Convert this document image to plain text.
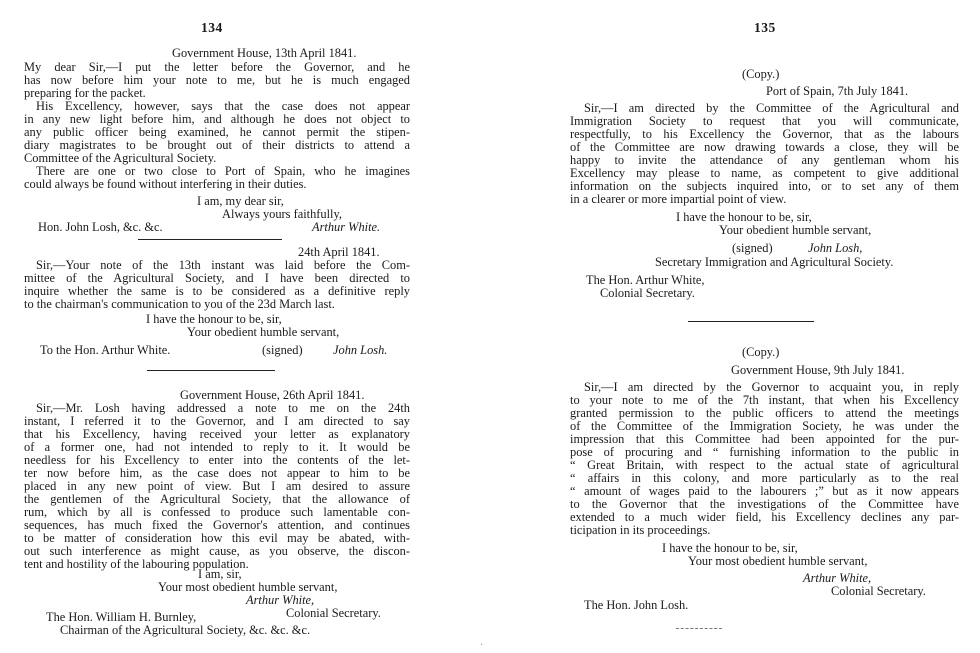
134
Government House, 13th April 1841.
My dear Sir,—I put the letter before the Governor, and he
has now before him your note to me, but he is much engaged
preparing for the packet.
His Excellency, however, says that the case does not appear
in any new light before him, and although he does not object to
any public officer being examined, he cannot permit the stipen-
diary magistrates to be brought out of their districts to attend a
Committee of the Agricultural Society.
There are one or two close to Port of Spain, who he imagines
could always be found without interfering in their duties.
I am, my dear sir,
Always yours faithfully,
Hon. John Losh, &c. &c.	Arthur White.
24th April 1841.
Sir,—Your note of the 13th instant was laid before the Com-
mittee of the Agricultural Society, and I have been directed to
inquire whether the same is to be considered as a definitive reply
to the chairman's communication to you of the 23d March last.
I have the honour to be, sir,
Your obedient humble servant,
To the Hon. Arthur White.	(signed) John Losh.
Government House, 26th April 1841.
Sir,—Mr. Losh having addressed a note to me on the 24th
instant, I referred it to the Governor, and I am directed to say
that his Excellency, having received your letter as explanatory
of a former one, had not intended to reply to it. It would be
needless for his Excellency to enter into the contents of the let-
ter now before him, as the case does not appear to him to be
placed in any new point of view. But I am desired to assure
the gentlemen of the Agricultural Society, that the allowance of
rum, which by all is confessed to produce such lamentable con-
sequences, has much fixed the Governor's attention, and continues
to be matter of consideration how this evil may be abated, with-
out such interference as might cause, as you observe, the discon-
tent and hostility of the labouring population.
I am, sir,
Your most obedient humble servant,
Arthur White,
Colonial Secretary.
The Hon. William H. Burnley,
Chairman of the Agricultural Society, &c. &c. &c.
·
135
(Copy.)
Port of Spain, 7th July 1841.
Sir,—I am directed by the Committee of the Agricultural and
Immigration Society to request that you will communicate,
respectfully, to his Excellency the Governor, that as the labours
of the Committee are now drawing towards a close, they will be
happy to invite the attendance of any gentleman whom his
Excellency may please to name, as competent to give additional
information on the subjects inquired into, or to set any of them
in a clearer or more impartial point of view.
I have the honour to be, sir,
Your obedient humble servant,
(signed)	John Losh,
Secretary Immigration and Agricultural Society.
The Hon. Arthur White,
Colonial Secretary.
(Copy.)
Government House, 9th July 1841.
Sir,—I am directed by the Governor to acquaint you, in reply
to your note to me of the 7th instant, that when his Excellency
granted permission to the public officers to attend the meetings
of the Committee of the Immigration Society, he was under the
impression that this Committee had been appointed for the pur-
pose of procuring and “ furnishing information to the public in
“ Great Britain, with respect to the actual state of agricultural
“ affairs in this colony, and more particularly as to the real
“ amount of wages paid to the labourers ;” but as it now appears
to the Governor that the investigations of the Committee have
extended to a much wider field, his Excellency declines any par-
ticipation in its proceedings.
I have the honour to be, sir,
Your most obedient humble servant,
Arthur White,
Colonial Secretary.
The Hon. John Losh.
